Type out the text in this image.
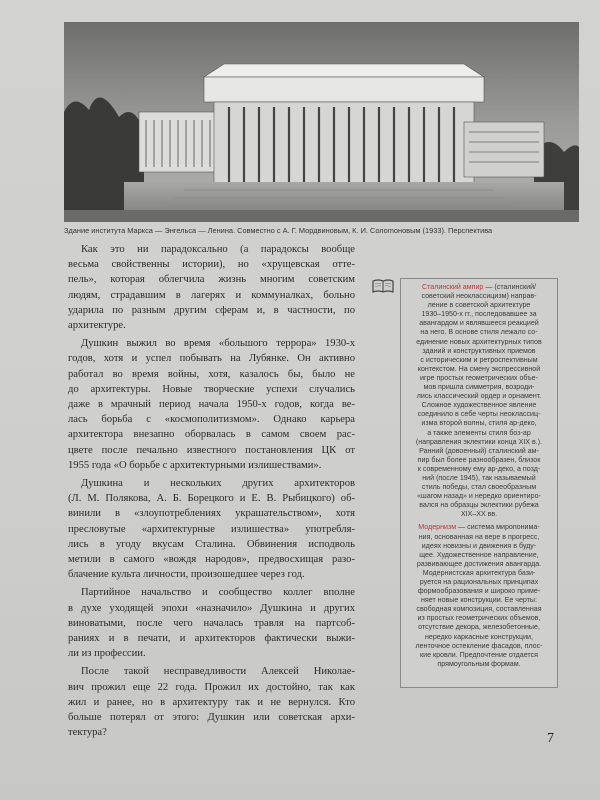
Здание института Маркса — Энгельса — Ленина. Совместно с А. Г. Мордвиновым, К. И. Солomоновым (1933). Перспектива

Как это ни парадоксально (а парадоксы вообще
весьма свойственны истории), но «хрущевская отте-
пель», которая облегчила жизнь многим советским
людям, страдавшим в лагерях и коммуналках, больно
ударила по разным другим сферам и, в частности, по
архитектуре.

Душкин выжил во время «большого террора» 1930-х
годов, хотя и успел побывать на Лубянке. Он активно
работал во время войны, хотя, казалось бы, было не
до архитектуры. Новые творческие успехи случались
даже в мрачный период начала 1950-х годов, когда ве-
лась борьба с «космополитизмом». Однако карьера
архитектора внезапно оборвалась в самом своем рас-
цвете после печально известного постановления ЦК от
1955 года «О борьбе с архитектурными излишествами».

Душкина и нескольких других архитекторов
(Л. М. Полякова, А. Б. Борецкого и Е. В. Рыбицкого) об-
винили в «злоупотреблениях украшательством», хотя
пресловутые «архитектурные излишества» употребля-
лись в угоду вкусам Сталина. Обвинения исподволь
метили в самого «вождя народов», предвосхищая разо-
блачение культа личности, произошедшее через год.

Партийное начальство и сообщество коллег вполне
в духе уходящей эпохи «назначило» Душкина и других
виноватыми, после чего началась травля на партсоб-
раниях и в печати, и архитекторов фактически выжи-
ли из профессии.

После такой несправедливости Алексей Николае-
вич прожил еще 22 года. Прожил их достойно, так как
жил и ранее, но в архитектуру так и не вернулся. Кто
больше потерял от этого: Душкин или советская архи-
тектура?

Сталинский ампир — (сталинский/
советский неоклассицизм) направ-
ление в советской архитектуре
1930–1950-х гг., последовавшее за
авангардом и являвшееся реакцией
на него. В основе стиля лежало со-
единение новых архитектурных типов
зданий и конструктивных приемов
с историческим и ретроспективным
контекстом. На смену экспрессивной
игре простых геометрических объе-
мов пришла симметрия, возроди-
лись классический ордер и орнамент.
Сложное художественное явление
соединило в себе черты неоклассиц-
изма второй волны, стиля ар-деко,
а также элементы стиля боз-ар
(направления эклектики конца XIX в.).
Ранний (довоенный) сталинский ам-
пир был более разнообразен, близок
к современному ему ар-деко, а позд-
ний (после 1945), так называемый
стиль победы, стал своеобразным
«шагом назад» и нередко ориентиро-
вался на образцы эклектики рубежа
XIX–XX вв.
Модернизм — система миропонима-
ния, основанная на вере в прогресс,
идеях новизны и движения в буду-
щее. Художественное направление,
развивающее достижения авангарда.
Модернистская архитектура бази-
руется на рациональных принципах
формообразования и широко приме-
няет новые конструкции. Ее черты:
свободная композиция, составленная
из простых геометрических объемов,
отсутствие декора, железобетонные,
нередко каркасные конструкции,
ленточное остекление фасадов, плос-
кие кровли. Предпочтение отдается
прямоугольным формам.
7
